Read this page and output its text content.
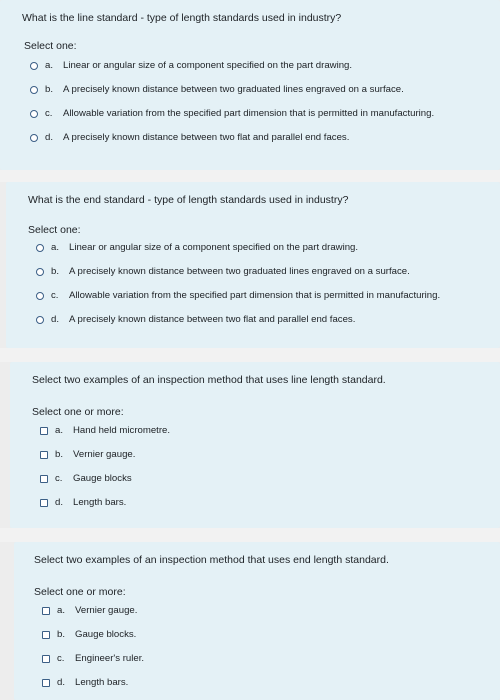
What is the line standard - type of length standards used in industry?
Select one:
a.	Linear or angular size of a component specified on the part drawing.
b.	A precisely known distance between two graduated lines engraved on a surface.
c.	Allowable variation from the specified part dimension that is permitted in manufacturing.
d.	A precisely known distance between two flat and parallel end faces.
What is the end standard - type of length standards used in industry?
Select one:
a.	Linear or angular size of a component specified on the part drawing.
b.	A precisely known distance between two graduated lines engraved on a surface.
c.	Allowable variation from the specified part dimension that is permitted in manufacturing.
d.	A precisely known distance between two flat and parallel end faces.
Select two examples of an inspection method that uses line length standard.
Select one or more:
a.	Hand held micrometre.
b.	Vernier gauge.
c.	Gauge blocks
d.	Length bars.
Select two examples of an inspection method that uses end length standard.
Select one or more:
a.	Vernier gauge.
b.	Gauge blocks.
c.	Engineer's ruler.
d.	Length bars.
